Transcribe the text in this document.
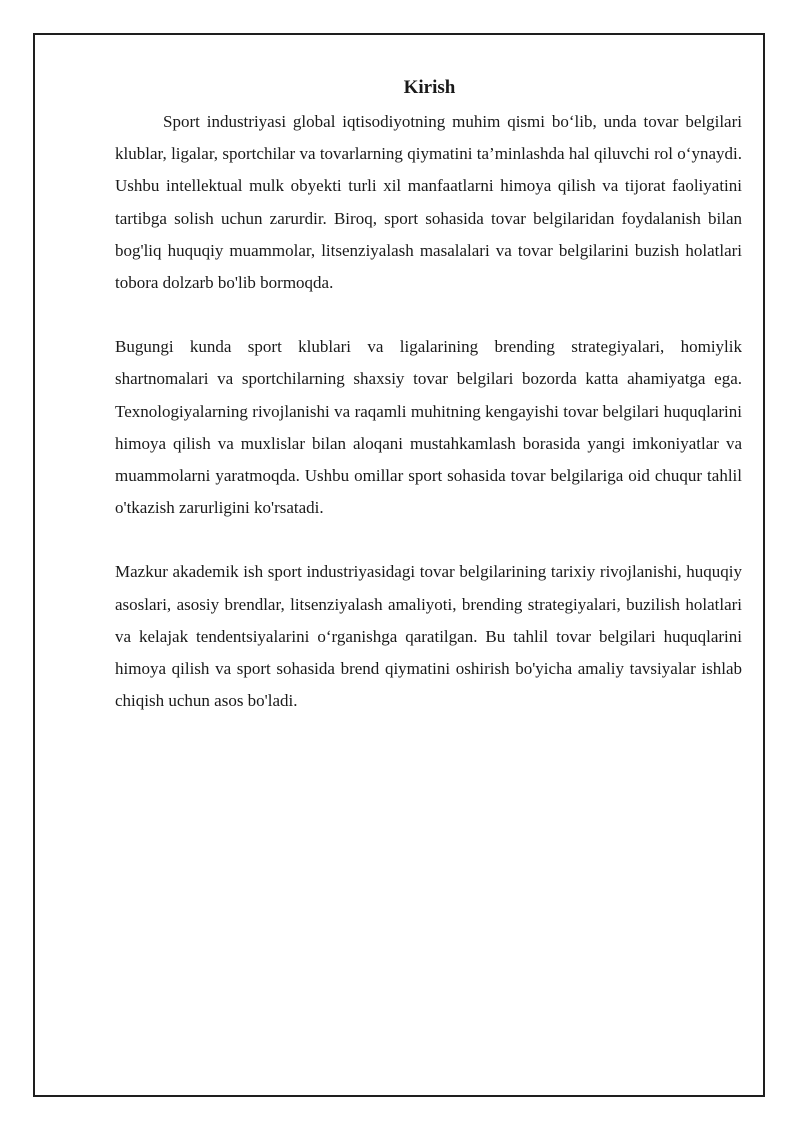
Kirish

Sport industriyasi global iqtisodiyotning muhim qismi bo‘lib, unda tovar belgilari klublar, ligalar, sportchilar va tovarlarning qiymatini ta’minlashda hal qiluvchi rol o‘ynaydi. Ushbu intellektual mulk obyekti turli xil manfaatlarni himoya qilish va tijorat faoliyatini tartibga solish uchun zarurdir. Biroq, sport sohasida tovar belgilaridan foydalanish bilan bog'liq huquqiy muammolar, litsenziyalash masalalari va tovar belgilarini buzish holatlari tobora dolzarb bo'lib bormoqda.

Bugungi kunda sport klublari va ligalarining brending strategiyalari, homiylik shartnomalari va sportchilarning shaxsiy tovar belgilari bozorda katta ahamiyatga ega. Texnologiyalarning rivojlanishi va raqamli muhitning kengayishi tovar belgilari huquqlarini himoya qilish va muxlislar bilan aloqani mustahkamlash borasida yangi imkoniyatlar va muammolarni yaratmoqda. Ushbu omillar sport sohasida tovar belgilariga oid chuqur tahlil o'tkazish zarurligini ko'rsatadi.

Mazkur akademik ish sport industriyasidagi tovar belgilarining tarixiy rivojlanishi, huquqiy asoslari, asosiy brendlar, litsenziyalash amaliyoti, brending strategiyalari, buzilish holatlari va kelajak tendentsiyalarini o‘rganishga qaratilgan. Bu tahlil tovar belgilari huquqlarini himoya qilish va sport sohasida brend qiymatini oshirish bo'yicha amaliy tavsiyalar ishlab chiqish uchun asos bo'ladi.
